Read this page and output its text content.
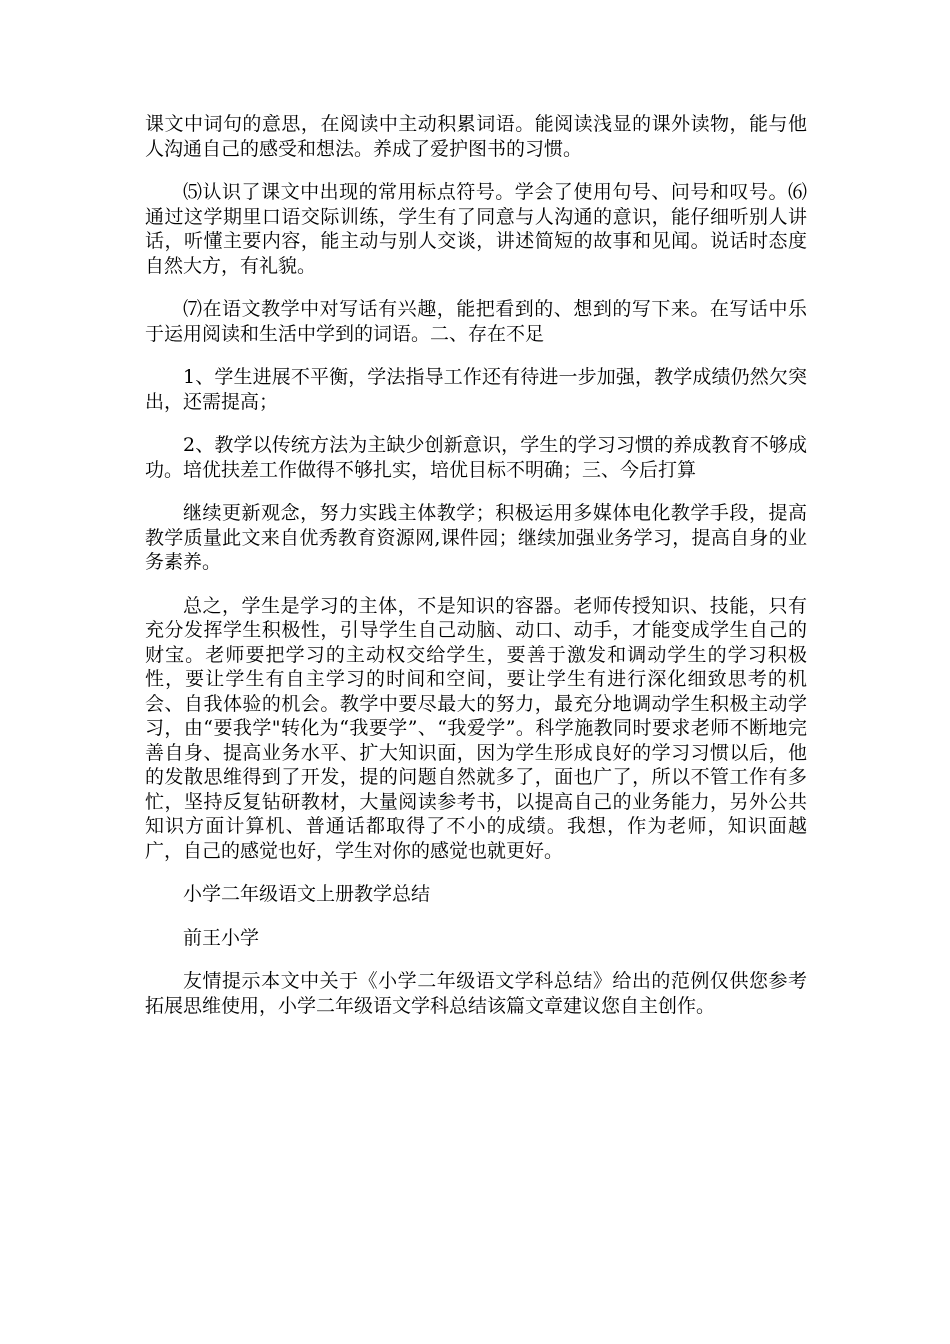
课文中词句的意思，在阅读中主动积累词语。能阅读浅显的课外读物，能与他人沟通自己的感受和想法。养成了爱护图书的习惯。

⑸认识了课文中出现的常用标点符号。学会了使用句号、问号和叹号。⑹通过这学期里口语交际训练，学生有了同意与人沟通的意识，能仔细听别人讲话，听懂主要内容，能主动与别人交谈，讲述简短的故事和见闻。说话时态度自然大方，有礼貌。

⑺在语文教学中对写话有兴趣，能把看到的、想到的写下来。在写话中乐于运用阅读和生活中学到的词语。二、存在不足

1、学生进展不平衡，学法指导工作还有待进一步加强，教学成绩仍然欠突出，还需提高；

2、教学以传统方法为主缺少创新意识，学生的学习习惯的养成教育不够成功。培优扶差工作做得不够扎实，培优目标不明确；三、今后打算

继续更新观念，努力实践主体教学；积极运用多媒体电化教学手段，提高教学质量此文来自优秀教育资源网,课件园；继续加强业务学习，提高自身的业务素养。

总之，学生是学习的主体，不是知识的容器。老师传授知识、技能，只有充分发挥学生积极性，引导学生自己动脑、动口、动手，才能变成学生自己的财宝。老师要把学习的主动权交给学生，要善于激发和调动学生的学习积极性，要让学生有自主学习的时间和空间，要让学生有进行深化细致思考的机会、自我体验的机会。教学中要尽最大的努力，最充分地调动学生积极主动学习，由“要我学"转化为“我要学”、“我爱学”。科学施教同时要求老师不断地完善自身、提高业务水平、扩大知识面，因为学生形成良好的学习习惯以后，他的发散思维得到了开发，提的问题自然就多了，面也广了，所以不管工作有多忙，坚持反复钻研教材，大量阅读参考书，以提高自己的业务能力，另外公共知识方面计算机、普通话都取得了不小的成绩。我想，作为老师，知识面越广，自己的感觉也好，学生对你的感觉也就更好。

小学二年级语文上册教学总结

前王小学

友情提示本文中关于《小学二年级语文学科总结》给出的范例仅供您参考拓展思维使用，小学二年级语文学科总结该篇文章建议您自主创作。
